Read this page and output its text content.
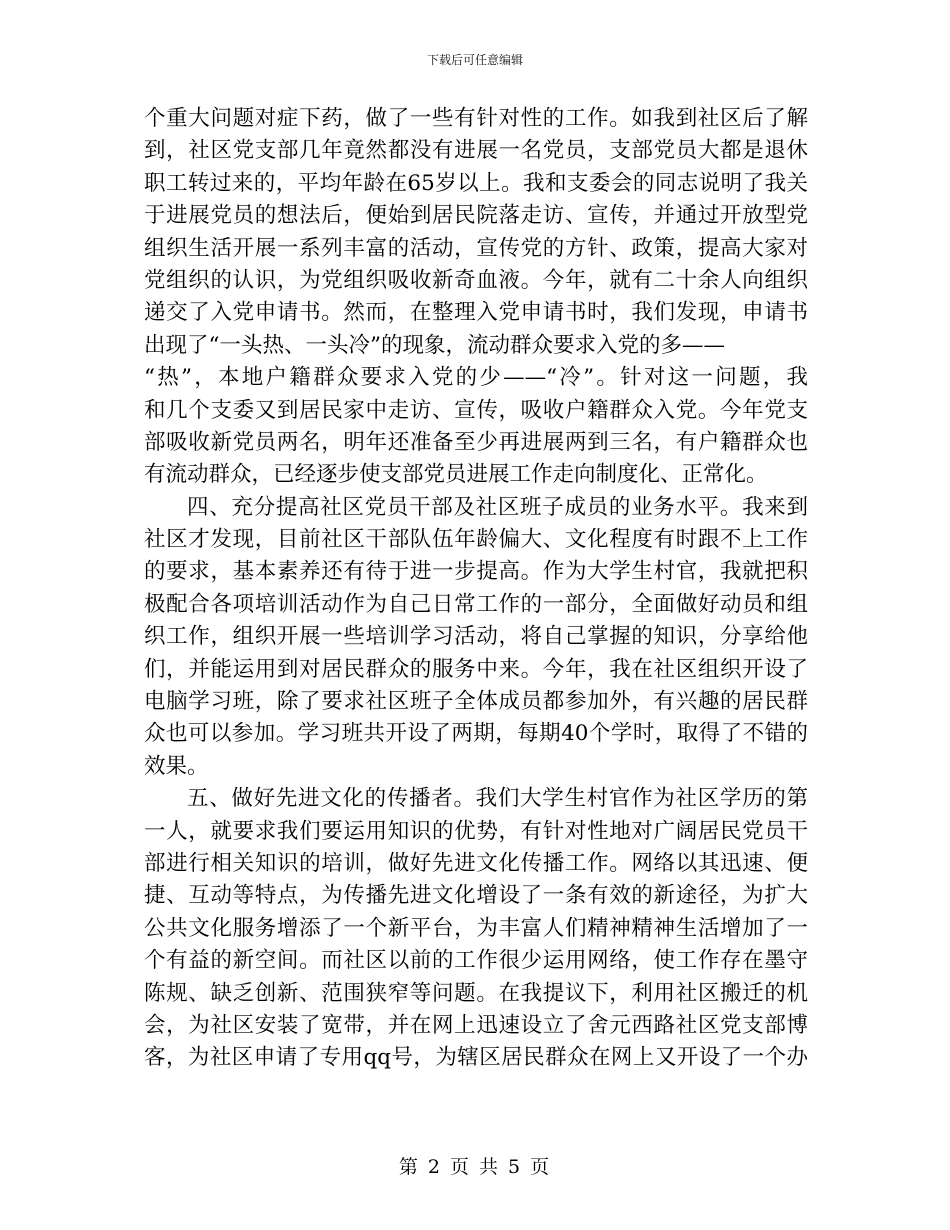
下载后可任意编辑
个重大问题对症下药，做了一些有针对性的工作。如我到社区后了解
到，社区党支部几年竟然都没有进展一名党员，支部党员大都是退休
职工转过来的，平均年龄在65岁以上。我和支委会的同志说明了我关
于进展党员的想法后，便始到居民院落走访、宣传，并通过开放型党
组织生活开展一系列丰富的活动，宣传党的方针、政策，提高大家对
党组织的认识，为党组织吸收新奇血液。今年，就有二十余人向组织
递交了入党申请书。然而，在整理入党申请书时，我们发现，申请书
出现了“一头热、一头冷”的现象，流动群众要求入党的多——
“热”，本地户籍群众要求入党的少——“冷”。针对这一问题，我
和几个支委又到居民家中走访、宣传，吸收户籍群众入党。今年党支
部吸收新党员两名，明年还准备至少再进展两到三名，有户籍群众也
有流动群众，已经逐步使支部党员进展工作走向制度化、正常化。
四、充分提高社区党员干部及社区班子成员的业务水平。我来到
社区才发现，目前社区干部队伍年龄偏大、文化程度有时跟不上工作
的要求，基本素养还有待于进一步提高。作为大学生村官，我就把积
极配合各项培训活动作为自己日常工作的一部分，全面做好动员和组
织工作，组织开展一些培训学习活动，将自己掌握的知识，分享给他
们，并能运用到对居民群众的服务中来。今年，我在社区组织开设了
电脑学习班，除了要求社区班子全体成员都参加外，有兴趣的居民群
众也可以参加。学习班共开设了两期，每期40个学时，取得了不错的
效果。
五、做好先进文化的传播者。我们大学生村官作为社区学历的第
一人，就要求我们要运用知识的优势，有针对性地对广阔居民党员干
部进行相关知识的培训，做好先进文化传播工作。网络以其迅速、便
捷、互动等特点，为传播先进文化增设了一条有效的新途径，为扩大
公共文化服务增添了一个新平台，为丰富人们精神精神生活增加了一
个有益的新空间。而社区以前的工作很少运用网络，使工作存在墨守
陈规、缺乏创新、范围狭窄等问题。在我提议下，利用社区搬迁的机
会，为社区安装了宽带，并在网上迅速设立了舍元西路社区党支部博
客，为社区申请了专用qq号，为辖区居民群众在网上又开设了一个办
第 2 页 共 5 页
